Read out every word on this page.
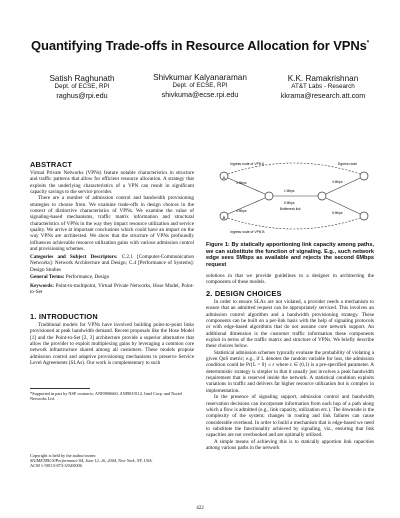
Quantifying Trade-offs in Resource Allocation for VPNs*
Satish Raghunath
Dept. of ECSE, RPI
raghus@rpi.edu
Shivkumar Kalyanaraman
Dept. of ECSE, RPI
shivkuma@ecse.rpi.edu
K.K. Ramakrishnan
AT&T Labs - Research
kkrama@research.att.com
ABSTRACT

Virtual Private Networks (VPNs) feature notable characteristics in structure and traffic patterns that allow for efficient resource allocation. A strategy that exploits the underlying characteristics of a VPN can result in significant capacity savings to the service provider.

There are a number of admission control and bandwidth provisioning strategies to choose from. We examine trade-offs in design choices in the context of distinctive characteristics of VPNs. We examine the value of signaling-based mechanisms, traffic matrix information and structural characteristics of VPNs in the way they impact resource utilization and service quality. We arrive at important conclusions which could have an impact on the way VPNs are architected. We show that the structure of VPNs profoundly influences achievable resource utilization gains with various admission control and provisioning schemes.

Categories and Subject Descriptors: C.2.1 [Computer-Communication Networks]: Network Architecture and Design; C.4 [Performance of Systems]: Design Studies
General Terms: Performance, Design
Keywords: Point-to-multipoint, Virtual Private Networks, Hose Model, Point-to-Set
1. INTRODUCTION

Traditional models for VPNs have involved building point-to-point links provisioned at peak bandwidth demand. Recent proposals like the Hose Model [1] and the Point-to-Set [2, 3] architecture provide a superior alternative that allow the provider to exploit multiplexing gains by leveraging a common core network infrastructure shared among all customers. These models propose admission control and adaptive provisioning mechanisms to preserve Service Level Agreements (SLAs). Our work is complementary to such

*Supported in part by NSF contracts: ANI9806660, ANI9819112, Intel Corp. and Nortel Networks Ltd.
Copyright is held by the author/owner.
SIGMETRICS/Performance'04, June 12–16, 2004, New York, NY, USA.
ACM 1-58113-873-3/04/0006.
A
B
Ingress node of VPN A
Ingress node of VPN B
Egress node
4 Mbps
4 Mbps
4 Mbps
5 Mbps
1 Mbps
5 Mbps
Bottleneck link
Figure 1: By statically apportioning link capacity among paths, we can substitute the function of signaling. E.g., such network edge sees 5Mbps as available and rejects the second 6Mbps request

solutions in that we provide guidelines to a designer in architecting the components of these models.

2. DESIGN CHOICES

In order to ensure SLAs are not violated, a provider needs a mechanism to ensure that an admitted request can be appropriately serviced. This involves an admission control algorithm and a bandwidth provisioning strategy. These components can be built on a per-link basis with the help of signaling protocols or with edge-based algorithms that do not assume core network support. An additional dimension is the customer traffic information these components exploit in terms of the traffic matrix and structure of VPNs. We briefly describe these choices below.

Statistical admission schemes typically evaluate the probability of violating a given QoS metric; e.g., if L denotes the random variable for loss, the admission condition could be Pr{L > 0} ≤ ε where ε ∈ (0,1) is a pre-specified parameter. A deterministic strategy is simpler in that it usually just involves a peak bandwidth requirement that is reserved inside the network. A statistical condition exploits variations in traffic and delivers far higher resource utilization but is complex in implementation.

In the presence of signaling support, admission control and bandwidth reservation decisions can incorporate information from each hop of a path along which a flow is admitted (e.g., link capacity, utilization etc.). The downside is the complexity of the system; changes in routing and link failures can cause considerable overhead. In order to build a mechanism that is edge-based we need to substitute the functionality achieved by signaling, viz., ensuring that link capacities are not overbooked and are optimally utilized.

A simple means of achieving this is to statically apportion link capacities among various paths in the network

422
